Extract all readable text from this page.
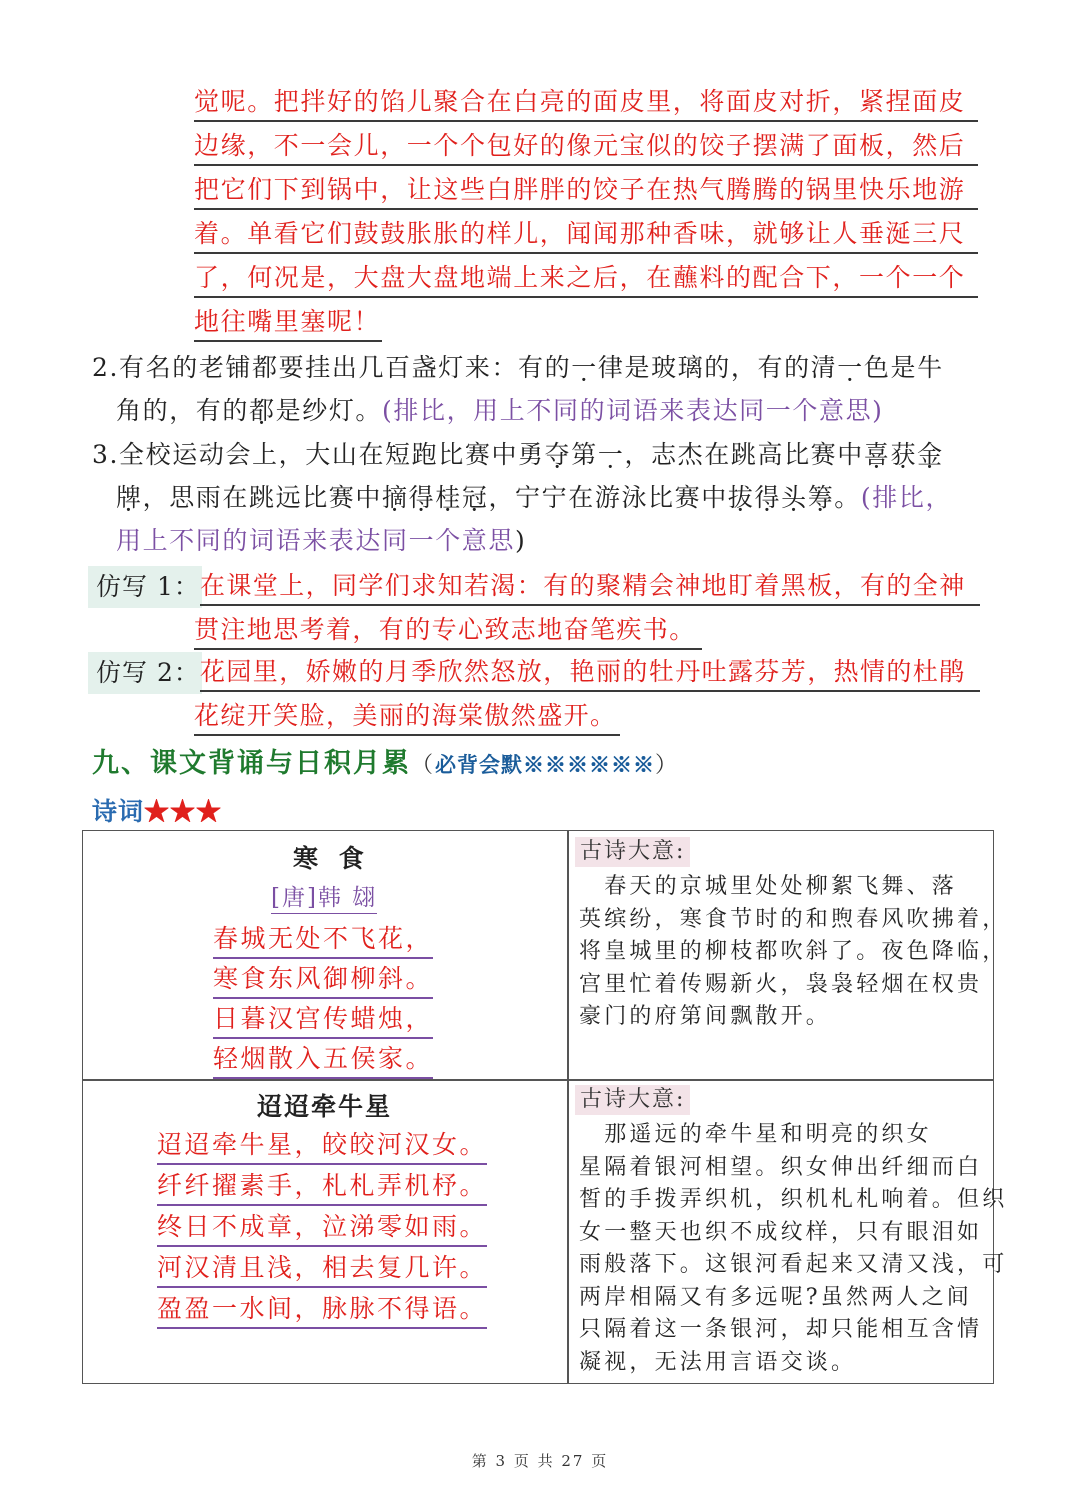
觉呢。把拌好的馅儿聚合在白亮的面皮里，将面皮对折，紧捏面皮
边缘，不一会儿，一个个包好的像元宝似的饺子摆满了面板，然后
把它们下到锅中，让这些白胖胖的饺子在热气腾腾的锅里快乐地游
着。单看它们鼓鼓胀胀的样儿，闻闻那种香味，就够让人垂涎三尺
了，何况是，大盘大盘地端上来之后，在蘸料的配合下，一个一个
地往嘴里塞呢！
2.有名的老铺都要挂出几百盏灯来：有的一律是玻璃的，有的清一色是牛
角的，有的都是纱灯。(排比，用上不同的词语来表达同一个意思)
3.全校运动会上，大山在短跑比赛中勇夺第一，志杰在跳高比赛中喜获金
牌，思雨在跳远比赛中摘得桂冠，宁宁在游泳比赛中拔得头筹。(排比，
用上不同的词语来表达同一个意思)
仿写 1： 在课堂上，同学们求知若渴：有的聚精会神地盯着黑板，有的全神
贯注地思考着，有的专心致志地奋笔疾书。
仿写 2： 花园里，娇嫩的月季欣然怒放，艳丽的牡丹吐露芬芳，热情的杜鹃
花绽开笑脸，美丽的海棠傲然盛开。
九、课文背诵与日积月累（必背会默※※※※※※）
诗词★★★
寒 食
[唐]韩 翃
春城无处不飞花，
寒食东风御柳斜。
日暮汉宫传蜡烛，
轻烟散入五侯家。
古诗大意:
　春天的京城里处处柳絮飞舞、落
英缤纷，寒食节时的和煦春风吹拂着，
将皇城里的柳枝都吹斜了。夜色降临，
宫里忙着传赐新火，袅袅轻烟在权贵
豪门的府第间飘散开。
迢迢牵牛星
迢迢牵牛星，皎皎河汉女。
纤纤擢素手，札札弄机杼。
终日不成章，泣涕零如雨。
河汉清且浅，相去复几许。
盈盈一水间，脉脉不得语。
古诗大意:
　那遥远的牵牛星和明亮的织女
星隔着银河相望。织女伸出纤细而白
皙的手拨弄织机，织机札札响着。但织
女一整天也织不成纹样，只有眼泪如
雨般落下。这银河看起来又清又浅，可
两岸相隔又有多远呢?虽然两人之间
只隔着这一条银河，却只能相互含情
凝视，无法用言语交谈。
第 3 页 共 27 页
